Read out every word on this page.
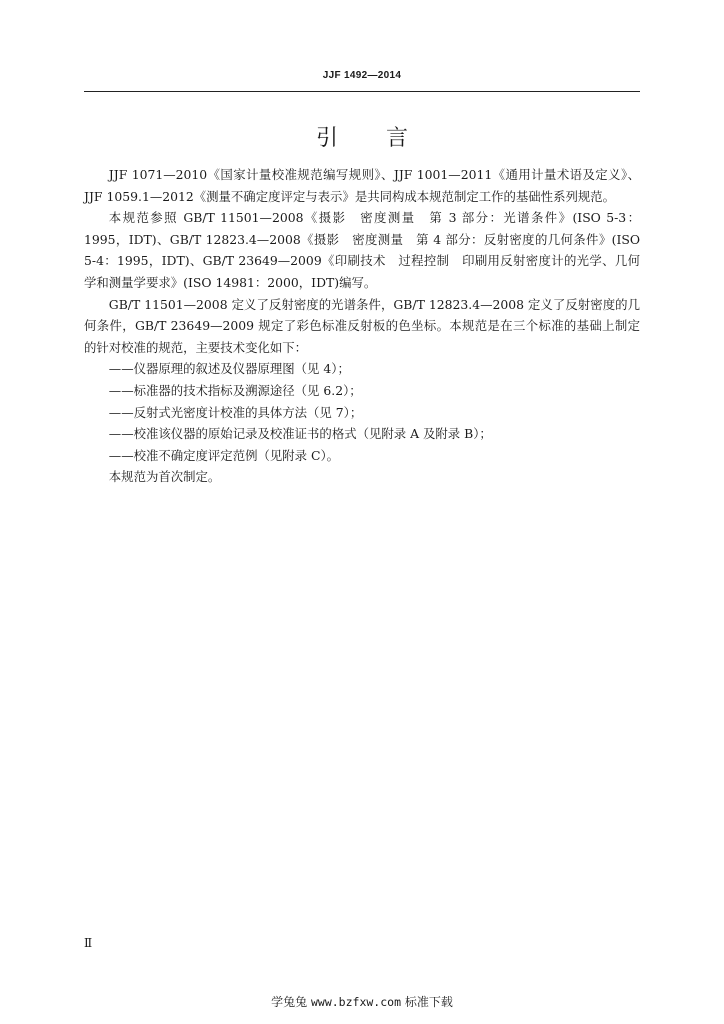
JJF 1492—2014
引 言

JJF 1071—2010《国家计量校准规范编写规则》、JJF 1001—2011《通用计量术语及定义》、JJF 1059.1—2012《测量不确定度评定与表示》是共同构成本规范制定工作的基础性系列规范。

本规范参照 GB/T 11501—2008《摄影　密度测量　第 3 部分：光谱条件》(ISO 5-3：1995，IDT)、GB/T 12823.4—2008《摄影　密度测量　第 4 部分：反射密度的几何条件》(ISO 5-4：1995，IDT)、GB/T 23649—2009《印刷技术　过程控制　印刷用反射密度计的光学、几何学和测量学要求》(ISO 14981：2000，IDT)编写。

GB/T 11501—2008 定义了反射密度的光谱条件，GB/T 12823.4—2008 定义了反射密度的几何条件，GB/T 23649—2009 规定了彩色标准反射板的色坐标。本规范是在三个标准的基础上制定的针对校准的规范，主要技术变化如下：

——仪器原理的叙述及仪器原理图（见 4）；

——标准器的技术指标及溯源途径（见 6.2）；

——反射式光密度计校准的具体方法（见 7）；

——校准该仪器的原始记录及校准证书的格式（见附录 A 及附录 B）；

——校准不确定度评定范例（见附录 C）。

本规范为首次制定。

Ⅱ
学兔兔 www.bzfxw.com 标准下载
